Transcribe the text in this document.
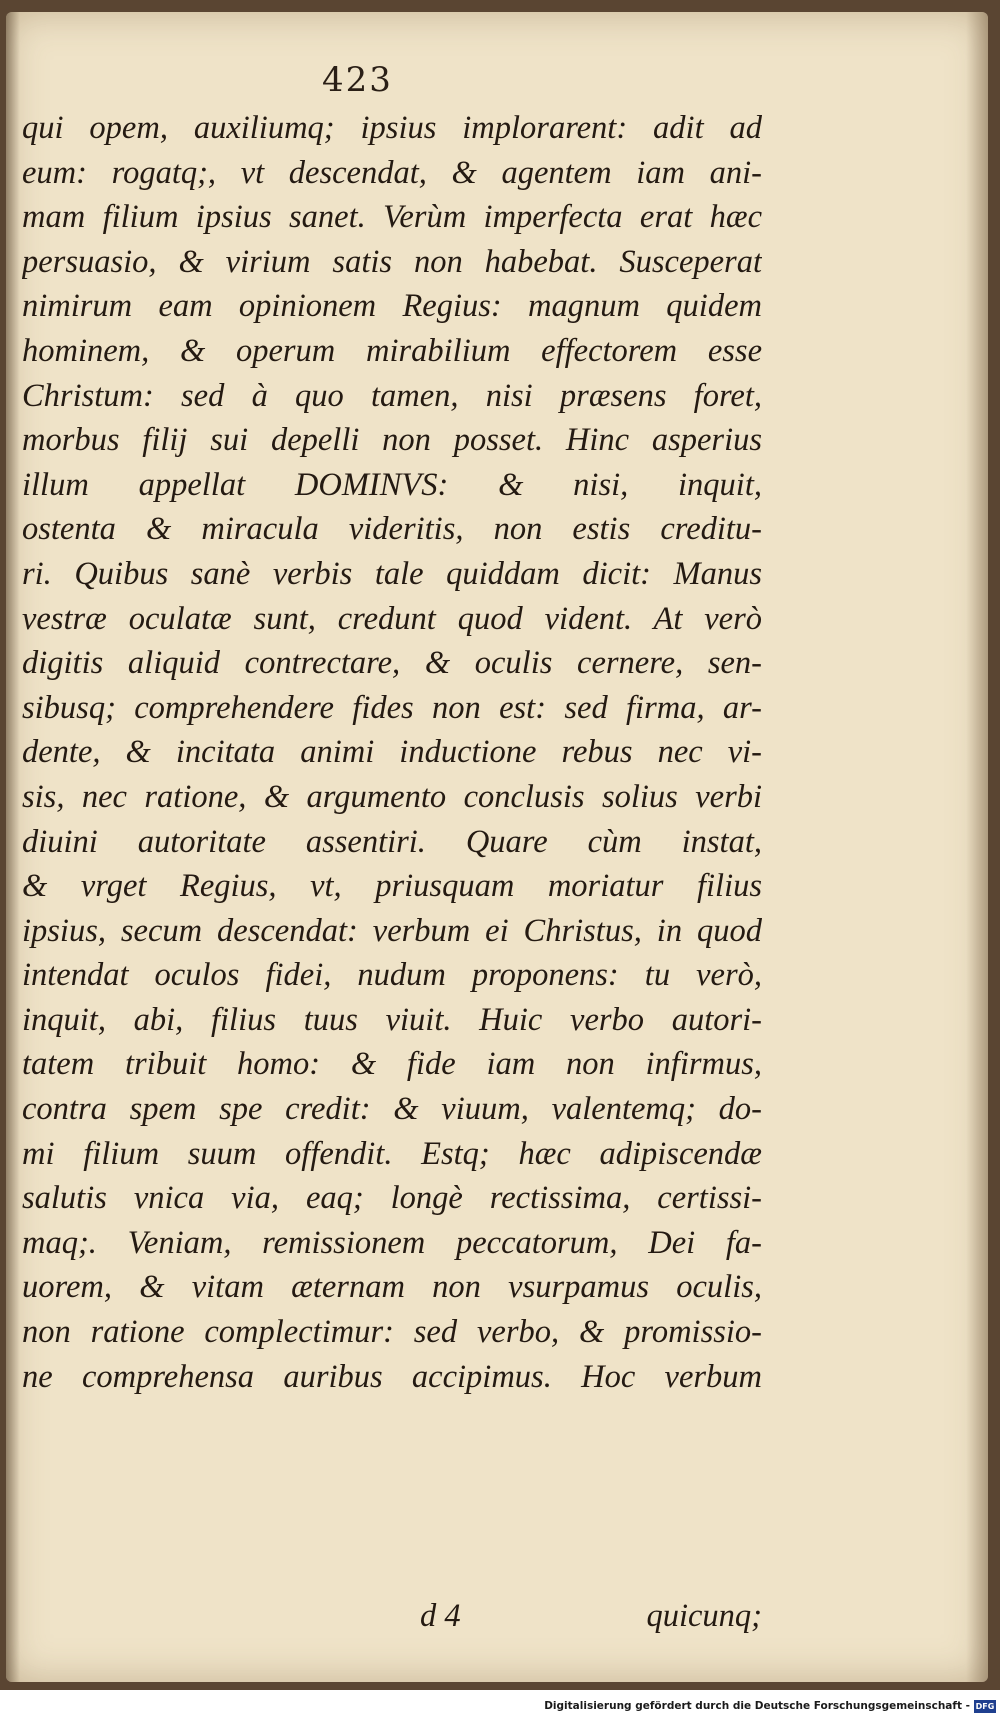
423
qui opem, auxiliumq; ipsius implorarent: adit ad
eum: rogatq;, vt descendat, & agentem iam ani-
mam filium ipsius sanet. Verùm imperfecta erat hæc
persuasio, & virium satis non habebat. Susceperat
nimirum eam opinionem Regius: magnum quidem
hominem, & operum mirabilium effectorem esse
Christum: sed à quo tamen, nisi præsens foret,
morbus filij sui depelli non posset. Hinc asperius
illum appellat DOMINVS: & nisi, inquit,
ostenta & miracula videritis, non estis creditu-
ri. Quibus sanè verbis tale quiddam dicit: Manus
vestræ oculatæ sunt, credunt quod vident. At verò
digitis aliquid contrectare, & oculis cernere, sen-
sibusq; comprehendere fides non est: sed firma, ar-
dente, & incitata animi inductione rebus nec vi-
sis, nec ratione, & argumento conclusis solius verbi
diuini autoritate assentiri. Quare cùm instat,
& vrget Regius, vt, priusquam moriatur filius
ipsius, secum descendat: verbum ei Christus, in quod
intendat oculos fidei, nudum proponens: tu verò,
inquit, abi, filius tuus viuit. Huic verbo autori-
tatem tribuit homo: & fide iam non infirmus,
contra spem spe credit: & viuum, valentemq; do-
mi filium suum offendit. Estq; hæc adipiscendæ
salutis vnica via, eaq; longè rectissima, certissi-
maq;. Veniam, remissionem peccatorum, Dei fa-
uorem, & vitam æternam non vsurpamus oculis,
non ratione complectimur: sed verbo, & promissio-
ne comprehensa auribus accipimus. Hoc verbum
d 4	quicunq;
Digitalisierung gefördert durch die Deutsche Forschungsgemeinschaft - DFG
